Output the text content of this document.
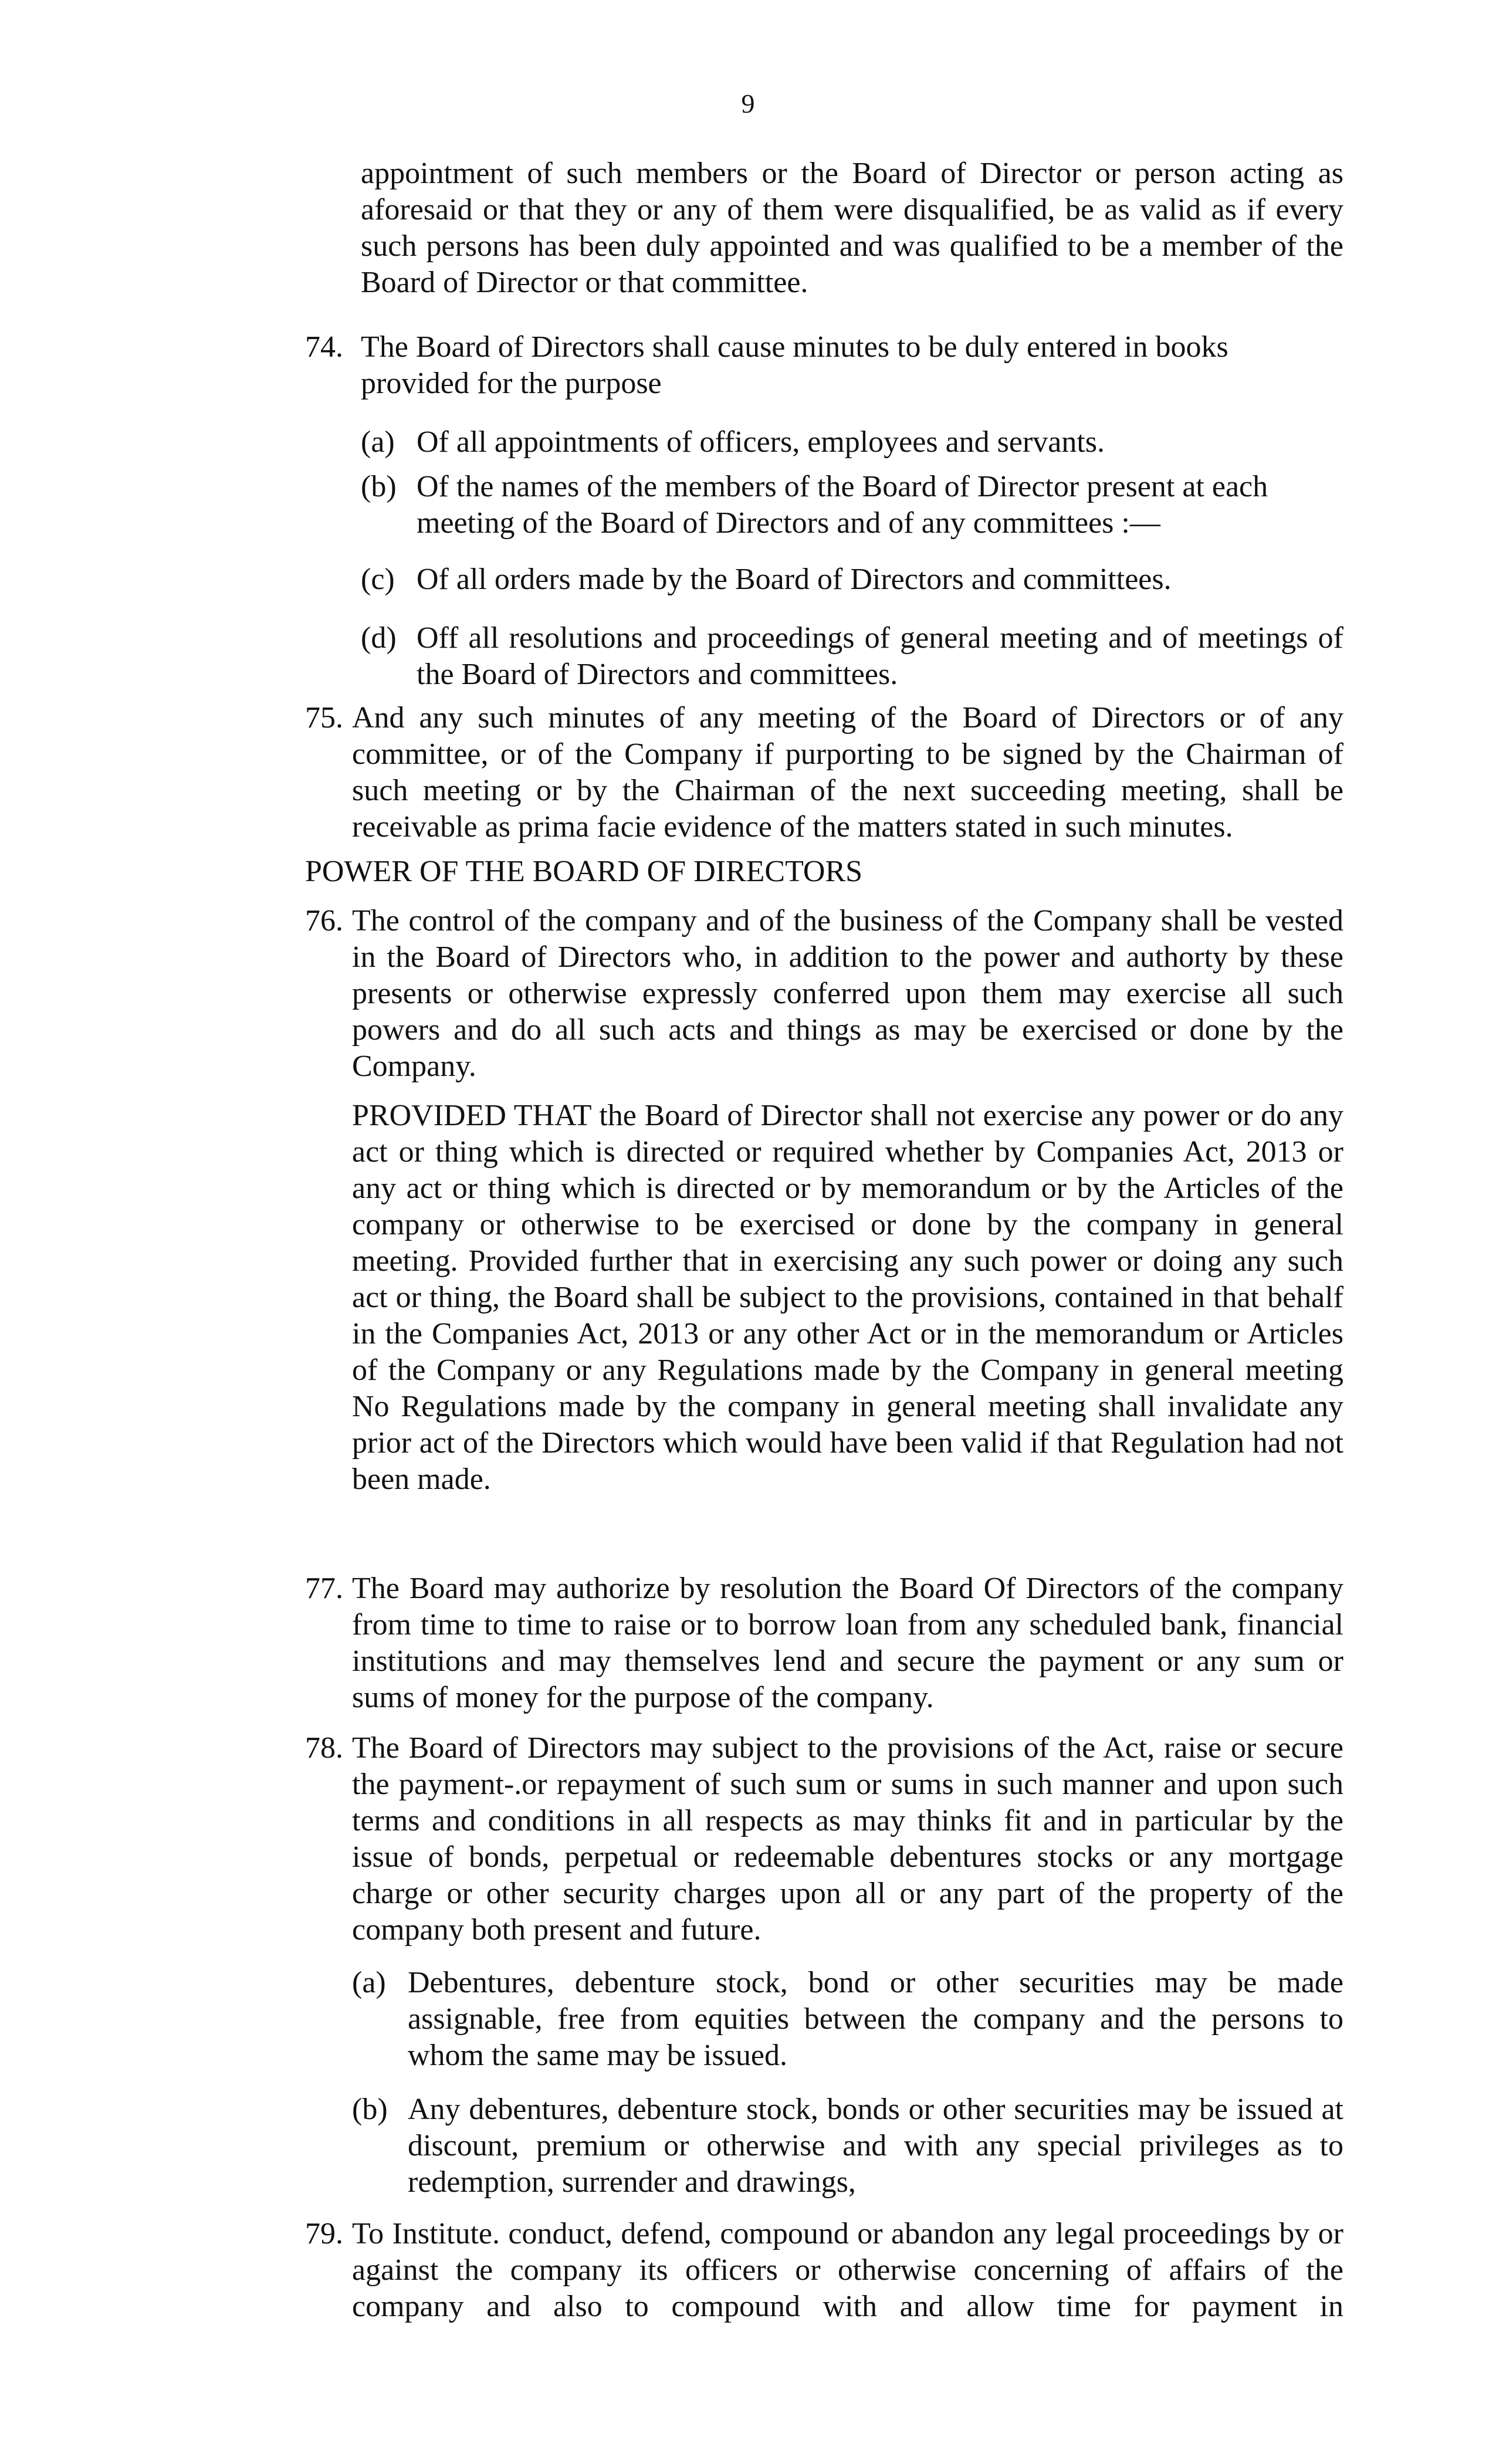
9

appointment of such members or the Board of Director or person acting as aforesaid or that they or any of them were disqualified, be as valid as if every such persons has been duly appointed and was qualified to be a member of the Board of Director or that committee.

74. The Board of Directors shall cause minutes to be duly entered in books provided for the purpose

(a) Of all appointments of officers, employees and servants.

(b) Of the names of the members of the Board of Director present at each meeting of the Board of Directors and of any committees :—

(c) Of all orders made by the Board of Directors and committees.

(d) Off all resolutions and proceedings of general meeting and of meetings of the Board of Directors and committees.

75. And any such minutes of any meeting of the Board of Directors or of any committee, or of the Company if purporting to be signed by the Chairman of such meeting or by the Chairman of the next succeeding meeting, shall be receivable as prima facie evidence of the matters stated in such minutes.

POWER OF THE BOARD OF DIRECTORS

76. The control of the company and of the business of the Company shall be vested in the Board of Directors who, in addition to the power and authorty by these presents or otherwise expressly conferred upon them may exercise all such powers and do all such acts and things as may be exercised or done by the Company.

PROVIDED THAT the Board of Director shall not exercise any power or do any act or thing which is directed or required whether by Companies Act, 2013 or any act or thing which is directed or by memorandum or by the Articles of the company or otherwise to be exercised or done by the company in general meeting. Provided further that in exercising any such power or doing any such act or thing, the Board shall be subject to the provisions, contained in that behalf in the Companies Act, 2013 or any other Act or in the memorandum or Articles of the Company or any Regulations made by the Company in general meeting No Regulations made by the company in general meeting shall invalidate any prior act of the Directors which would have been valid if that Regulation had not been made.

77. The Board may authorize by resolution the Board Of Directors of the company from time to time to raise or to borrow loan from any scheduled bank, financial institutions and may themselves lend and secure the payment or any sum or sums of money for the purpose of the company.

78. The Board of Directors may subject to the provisions of the Act, raise or secure the payment-.or repayment of such sum or sums in such manner and upon such terms and conditions in all respects as may thinks fit and in particular by the issue of bonds, perpetual or redeemable debentures stocks or any mortgage charge or other security charges upon all or any part of the property of the company both present and future.

(a) Debentures, debenture stock, bond or other securities may be made assignable, free from equities between the company and the persons to whom the same may be issued.

(b) Any debentures, debenture stock, bonds or other securities may be issued at discount, premium or otherwise and with any special privileges as to redemption, surrender and drawings,

79. To Institute. conduct, defend, compound or abandon any legal proceedings by or against the company its officers or otherwise concerning of affairs of the company and also to compound with and allow time for payment in
